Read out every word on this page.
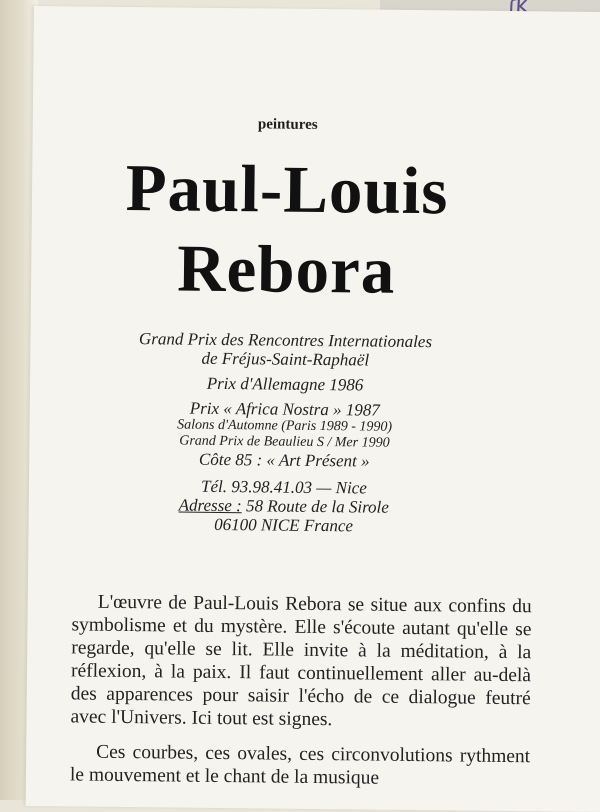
peintures
Paul-Louis
Rebora
Grand Prix des Rencontres Internationales
de Fréjus-Saint-Raphaël
Prix d'Allemagne 1986
Prix « Africa Nostra » 1987
Salons d'Automne (Paris 1989 - 1990)
Grand Prix de Beaulieu S / Mer 1990
Côte 85 : « Art Présent »
Tél. 93.98.41.03 — Nice
Adresse : 58 Route de la Sirole
06100 NICE France

L'œuvre de Paul-Louis Rebora se situe aux confins du symbolisme et du mystère. Elle s'écoute autant qu'elle se regarde, qu'elle se lit. Elle invite à la méditation, à la réflexion, à la paix. Il faut continuellement aller au-delà des apparences pour saisir l'écho de ce dialogue feutré avec l'Univers. Ici tout est signes.

Ces courbes, ces ovales, ces circonvolutions rythment le mouvement et le chant de la musique
